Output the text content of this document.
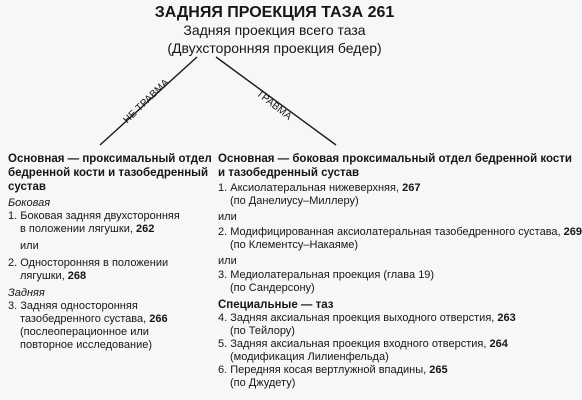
ЗАДНЯЯ ПРОЕКЦИЯ ТАЗА 261
Задняя проекция всего таза
(Двухсторонняя проекция бедер)
НЕ ТРАВМА	ТРАВМА
Основная — проксимальный отдел
бедренной кости и тазобедренный
сустав
Боковая
1. Боковая задняя двухсторонняя
в положении лягушки, 262
или
2. Односторонняя в положении
лягушки, 268
Задняя
3. Задняя односторонняя
тазобедренного сустава, 266
(послеоперационное или
повторное исследование)
Основная — боковая проксимальный отдел бедренной кости
и тазобедренный сустав
1. Аксиолатеральная нижеверхняя, 267
(по Данелиусу–Миллеру)
или
2. Модифицированная аксиолатеральная тазобедренного сустава, 269
(по Клементсу–Накаяме)
или
3. Медиолатеральная проекция (глава 19)
(по Сандерсону)
Специальные — таз
4. Задняя аксиальная проекция выходного отверстия, 263
(по Тейлору)
5. Задняя аксиальная проекция входного отверстия, 264
(модификация Лилиенфельда)
6. Передняя косая вертлужной впадины, 265
(по Джудету)
